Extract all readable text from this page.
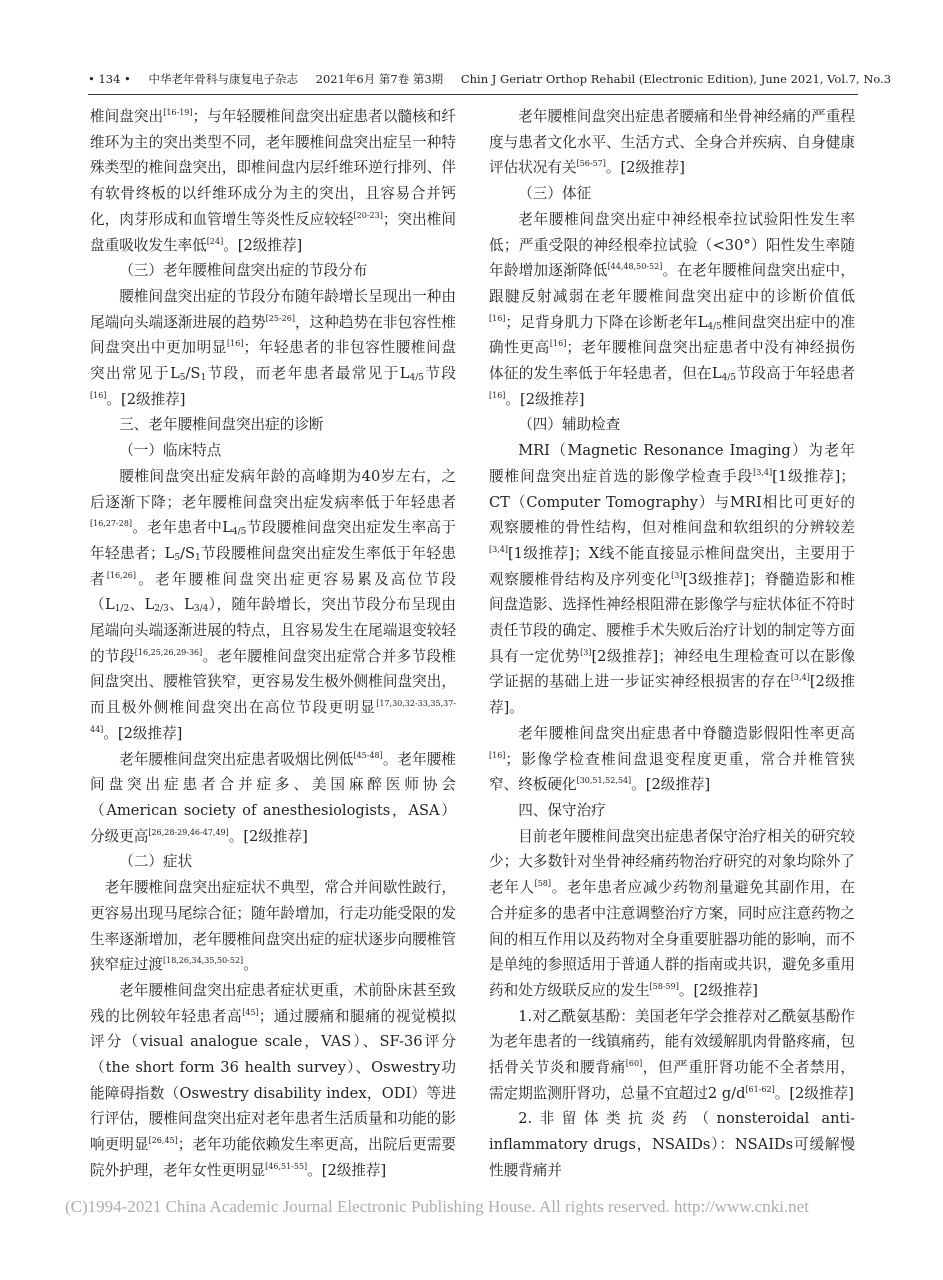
• 134 • 中华老年骨科与康复电子杂志 2021年6月 第7卷 第3期 Chin J Geriatr Orthop Rehabil (Electronic Edition), June 2021, Vol.7, No.3

椎间盘突出[16-19]；与年轻腰椎间盘突出症患者以髓核和纤维环为主的突出类型不同，老年腰椎间盘突出症呈一种特殊类型的椎间盘突出，即椎间盘内层纤维环逆行排列、伴有软骨终板的以纤维环成分为主的突出，且容易合并钙化，肉芽形成和血管增生等炎性反应较轻[20-23]；突出椎间盘重吸收发生率低[24]。[2级推荐]

（三）老年腰椎间盘突出症的节段分布

腰椎间盘突出症的节段分布随年龄增长呈现出一种由尾端向头端逐渐进展的趋势[25-26]，这种趋势在非包容性椎间盘突出中更加明显[16]；年轻患者的非包容性腰椎间盘突出常见于$L_5/S_1$节段，而老年患者最常见于$L_{4/5}$节段[16]。[2级推荐]

三、老年腰椎间盘突出症的诊断

（一）临床特点

腰椎间盘突出症发病年龄的高峰期为40岁左右，之后逐渐下降；老年腰椎间盘突出症发病率低于年轻患者[16,27-28]。老年患者中$L_{4/5}$节段腰椎间盘突出症发生率高于年轻患者；$L_5/S_1$节段腰椎间盘突出症发生率低于年轻患者[16,26]。老年腰椎间盘突出症更容易累及高位节段（$L_{1/2}$、$L_{2/3}$、$L_{3/4}$），随年龄增长，突出节段分布呈现由尾端向头端逐渐进展的特点，且容易发生在尾端退变较轻的节段[16,25,26,29-36]。老年腰椎间盘突出症常合并多节段椎间盘突出、腰椎管狭窄，更容易发生极外侧椎间盘突出，而且极外侧椎间盘突出在高位节段更明显[17,30,32-33,35,37-44]。[2级推荐]

老年腰椎间盘突出症患者吸烟比例低[45-48]。老年腰椎间盘突出症患者合并症多、美国麻醉医师协会（American society of anesthesiologists，ASA）分级更高[26,28-29,46-47,49]。[2级推荐]

（二）症状

老年腰椎间盘突出症症状不典型，常合并间歇性跛行，更容易出现马尾综合征；随年龄增加，行走功能受限的发生率逐渐增加，老年腰椎间盘突出症的症状逐步向腰椎管狭窄症过渡[18,26,34,35,50-52]。

老年腰椎间盘突出症患者症状更重，术前卧床甚至致残的比例较年轻患者高[45]；通过腰痛和腿痛的视觉模拟评分（visual analogue scale，VAS）、SF-36评分（the short form 36 health survey）、Oswestry功能障碍指数（Oswestry disability index，ODI）等进行评估，腰椎间盘突出症对老年患者生活质量和功能的影响更明显[26,45]；老年功能依赖发生率更高，出院后更需要院外护理，老年女性更明显[46,51-55]。[2级推荐]

老年腰椎间盘突出症患者腰痛和坐骨神经痛的严重程度与患者文化水平、生活方式、全身合并疾病、自身健康评估状况有关[56-57]。[2级推荐]

（三）体征

老年腰椎间盘突出症中神经根牵拉试验阳性发生率低；严重受限的神经根牵拉试验（<30°）阳性发生率随年龄增加逐渐降低[44,48,50-52]。在老年腰椎间盘突出症中，跟腱反射减弱在老年腰椎间盘突出症中的诊断价值低[16]；足背身肌力下降在诊断老年$L_{4/5}$椎间盘突出症中的准确性更高[16]；老年腰椎间盘突出症患者中没有神经损伤体征的发生率低于年轻患者，但在$L_{4/5}$节段高于年轻患者[16]。[2级推荐]

（四）辅助检查

MRI（Magnetic Resonance Imaging）为老年腰椎间盘突出症首选的影像学检查手段[3,4][1级推荐]；CT（Computer Tomography）与MRI相比可更好的观察腰椎的骨性结构，但对椎间盘和软组织的分辨较差[3,4][1级推荐]；X线不能直接显示椎间盘突出，主要用于观察腰椎骨结构及序列变化[3][3级推荐]；脊髓造影和椎间盘造影、选择性神经根阻滞在影像学与症状体征不符时责任节段的确定、腰椎手术失败后治疗计划的制定等方面具有一定优势[3][2级推荐]；神经电生理检查可以在影像学证据的基础上进一步证实神经根损害的存在[3,4][2级推荐]。

老年腰椎间盘突出症患者中脊髓造影假阳性率更高[16]；影像学检查椎间盘退变程度更重，常合并椎管狭窄、终板硬化[30,51,52,54]。[2级推荐]

四、保守治疗

目前老年腰椎间盘突出症患者保守治疗相关的研究较少；大多数针对坐骨神经痛药物治疗研究的对象均除外了老年人[58]。老年患者应减少药物剂量避免其副作用，在合并症多的患者中注意调整治疗方案，同时应注意药物之间的相互作用以及药物对全身重要脏器功能的影响，而不是单纯的参照适用于普通人群的指南或共识，避免多重用药和处方级联反应的发生[58-59]。[2级推荐]

1.对乙酰氨基酚：美国老年学会推荐对乙酰氨基酚作为老年患者的一线镇痛药，能有效缓解肌肉骨骼疼痛，包括骨关节炎和腰背痛[60]，但严重肝肾功能不全者禁用，需定期监测肝肾功，总量不宜超过2 g/d[61-62]。[2级推荐]

2.非留体类抗炎药（nonsteroidal anti-inflammatory drugs，NSAIDs）：NSAIDs可缓解慢性腰背痛并

(C)1994-2021 China Academic Journal Electronic Publishing House. All rights reserved. http://www.cnki.net
